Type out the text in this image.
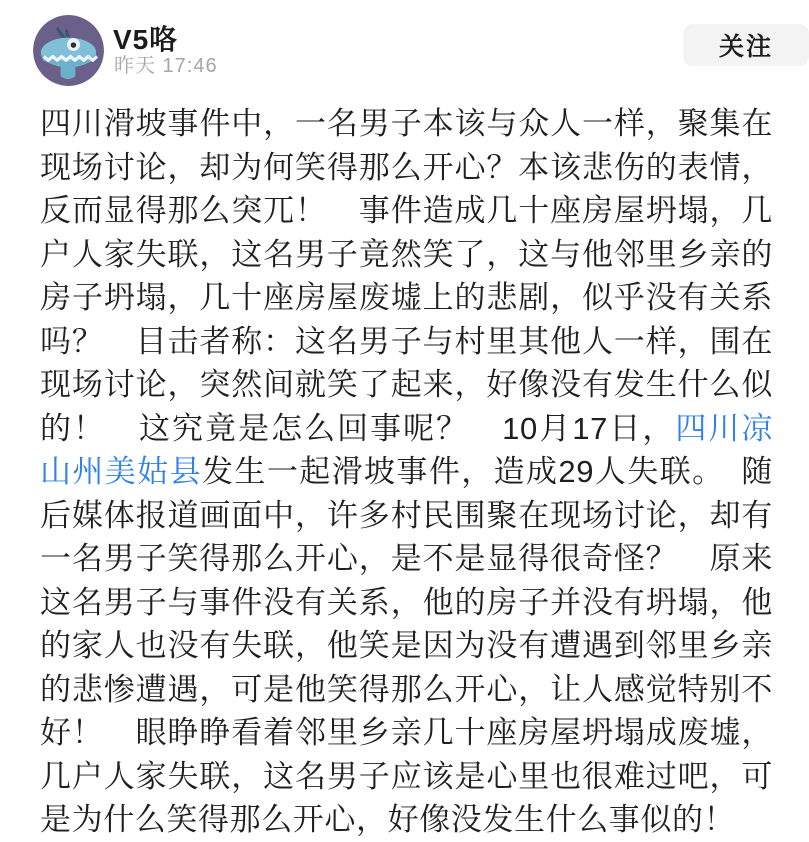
V5咯
昨天 17:46
关注
四川滑坡事件中，一名男子本该与众人一样，聚集在现场讨论，却为何笑得那么开心？本该悲伤的表情，反而显得那么突兀！　事件造成几十座房屋坍塌，几户人家失联，这名男子竟然笑了，这与他邻里乡亲的房子坍塌，几十座房屋废墟上的悲剧，似乎没有关系吗？　目击者称：这名男子与村里其他人一样，围在现场讨论，突然间就笑了起来，好像没有发生什么似的！　这究竟是怎么回事呢？　10月17日，四川凉山州美姑县发生一起滑坡事件，造成29人失联。　随后媒体报道画面中，许多村民围聚在现场讨论，却有一名男子笑得那么开心，是不是显得很奇怪？　原来这名男子与事件没有关系，他的房子并没有坍塌，他的家人也没有失联，他笑是因为没有遭遇到邻里乡亲的悲惨遭遇，可是他笑得那么开心，让人感觉特别不好！　眼睁睁看着邻里乡亲几十座房屋坍塌成废墟，几户人家失联，这名男子应该是心里也很难过吧，可是为什么笑得那么开心，好像没发生什么事似的！
